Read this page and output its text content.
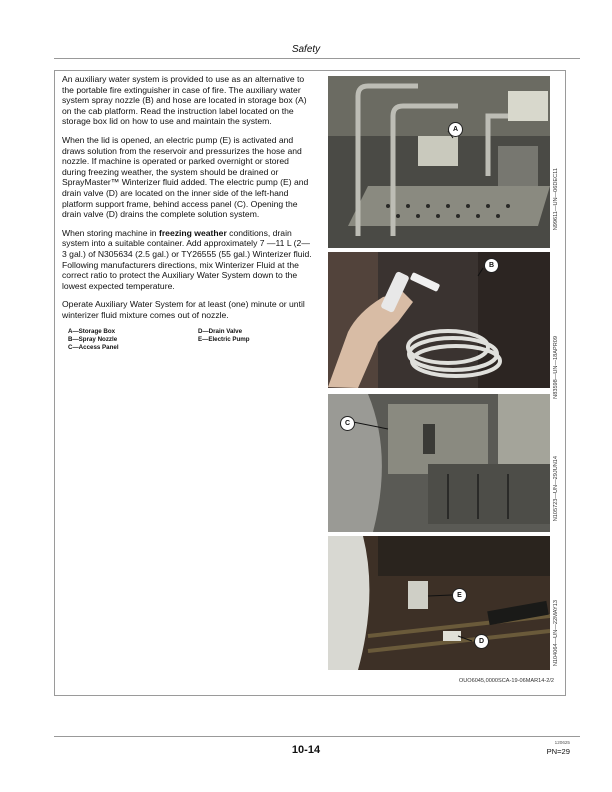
Safety

An auxiliary water system is provided to use as an alternative to the portable fire extinguisher in case of fire. The auxiliary water system spray nozzle (B) and hose are located in storage box (A) on the cab platform. Read the instruction label located on the storage box lid on how to use and maintain the system.

When the lid is opened, an electric pump (E) is activated and draws solution from the reservoir and pressurizes the hose and nozzle. If machine is operated or parked overnight or stored during freezing weather, the system should be drained or SprayMaster™ Winterizer fluid added. The electric pump (E) and drain valve (D) are located on the inner side of the left-hand platform support frame, behind access panel (C). Opening the drain valve (D) drains the complete solution system.

When storing machine in freezing weather conditions, drain system into a suitable container. Add approximately 7 —11 L (2—3 gal.) of N305634 (2.5 gal.) or TY26555 (55 gal.) Winterizer fluid. Following manufacturers directions, mix Winterizer Fluid at the correct ratio to protect the Auxiliary Water System down to the lowest expected temperature.

Operate Auxiliary Water System for at least (one) minute or until winterizer fluid mixture comes out of nozzle.

A—Storage Box
B—Spray Nozzle
C—Access Panel
D—Drain Valve
E—Electric Pump
A
N99611—UN—06DEC11
B
N83598—UN—18APR09
C
N105723—UN—29JUN14
E
D	N104064—UN—22MAY13
OUO6045,0000SCA-19-06MAR14-2/2
10-14
120625
PN=29
